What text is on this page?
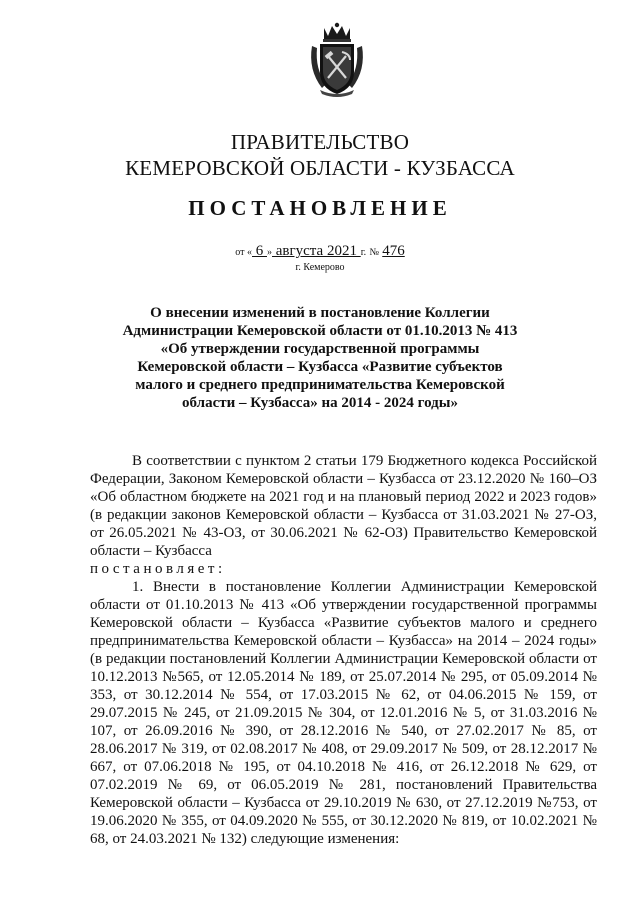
ПРАВИТЕЛЬСТВО
КЕМЕРОВСКОЙ ОБЛАСТИ - КУЗБАССА
ПОСТАНОВЛЕНИЕ
от « 6 » августа 2021 г. № 476
г. Кемерово
О внесении изменений в постановление Коллегии Администрации Кемеровской области от 01.10.2013 № 413 «Об утверждении государственной программы Кемеровской области – Кузбасса «Развитие субъектов малого и среднего предпринимательства Кемеровской области – Кузбасса» на 2014 - 2024 годы»
В соответствии с пунктом 2 статьи 179 Бюджетного кодекса Российской Федерации, Законом Кемеровской области – Кузбасса от 23.12.2020 № 160–ОЗ «Об областном бюджете на 2021 год и на плановый период 2022 и 2023 годов» (в редакции законов Кемеровской области – Кузбасса от 31.03.2021 № 27-ОЗ, от 26.05.2021 № 43-ОЗ, от 30.06.2021 № 62-ОЗ) Правительство Кемеровской области – Кузбасса
постановляет:
1. Внести в постановление Коллегии Администрации Кемеровской области от 01.10.2013 № 413 «Об утверждении государственной программы Кемеровской области – Кузбасса «Развитие субъектов малого и среднего предпринимательства Кемеровской области – Кузбасса» на 2014 – 2024 годы» (в редакции постановлений Коллегии Администрации Кемеровской области от 10.12.2013 №565, от 12.05.2014 № 189, от 25.07.2014 № 295, от 05.09.2014 № 353, от 30.12.2014 № 554, от 17.03.2015 № 62, от 04.06.2015 № 159, от 29.07.2015 № 245, от 21.09.2015 № 304, от 12.01.2016 № 5, от 31.03.2016 № 107, от 26.09.2016 № 390, от 28.12.2016 № 540, от 27.02.2017 № 85, от 28.06.2017 № 319, от 02.08.2017 № 408, от 29.09.2017 № 509, от 28.12.2017 № 667, от 07.06.2018 № 195, от 04.10.2018 № 416, от 26.12.2018 № 629, от 07.02.2019 № 69, от 06.05.2019 № 281, постановлений Правительства Кемеровской области – Кузбасса от 29.10.2019 № 630, от 27.12.2019 №753, от 19.06.2020 № 355, от 04.09.2020 № 555, от 30.12.2020 № 819, от 10.02.2021 № 68, от 24.03.2021 № 132) следующие изменения:
